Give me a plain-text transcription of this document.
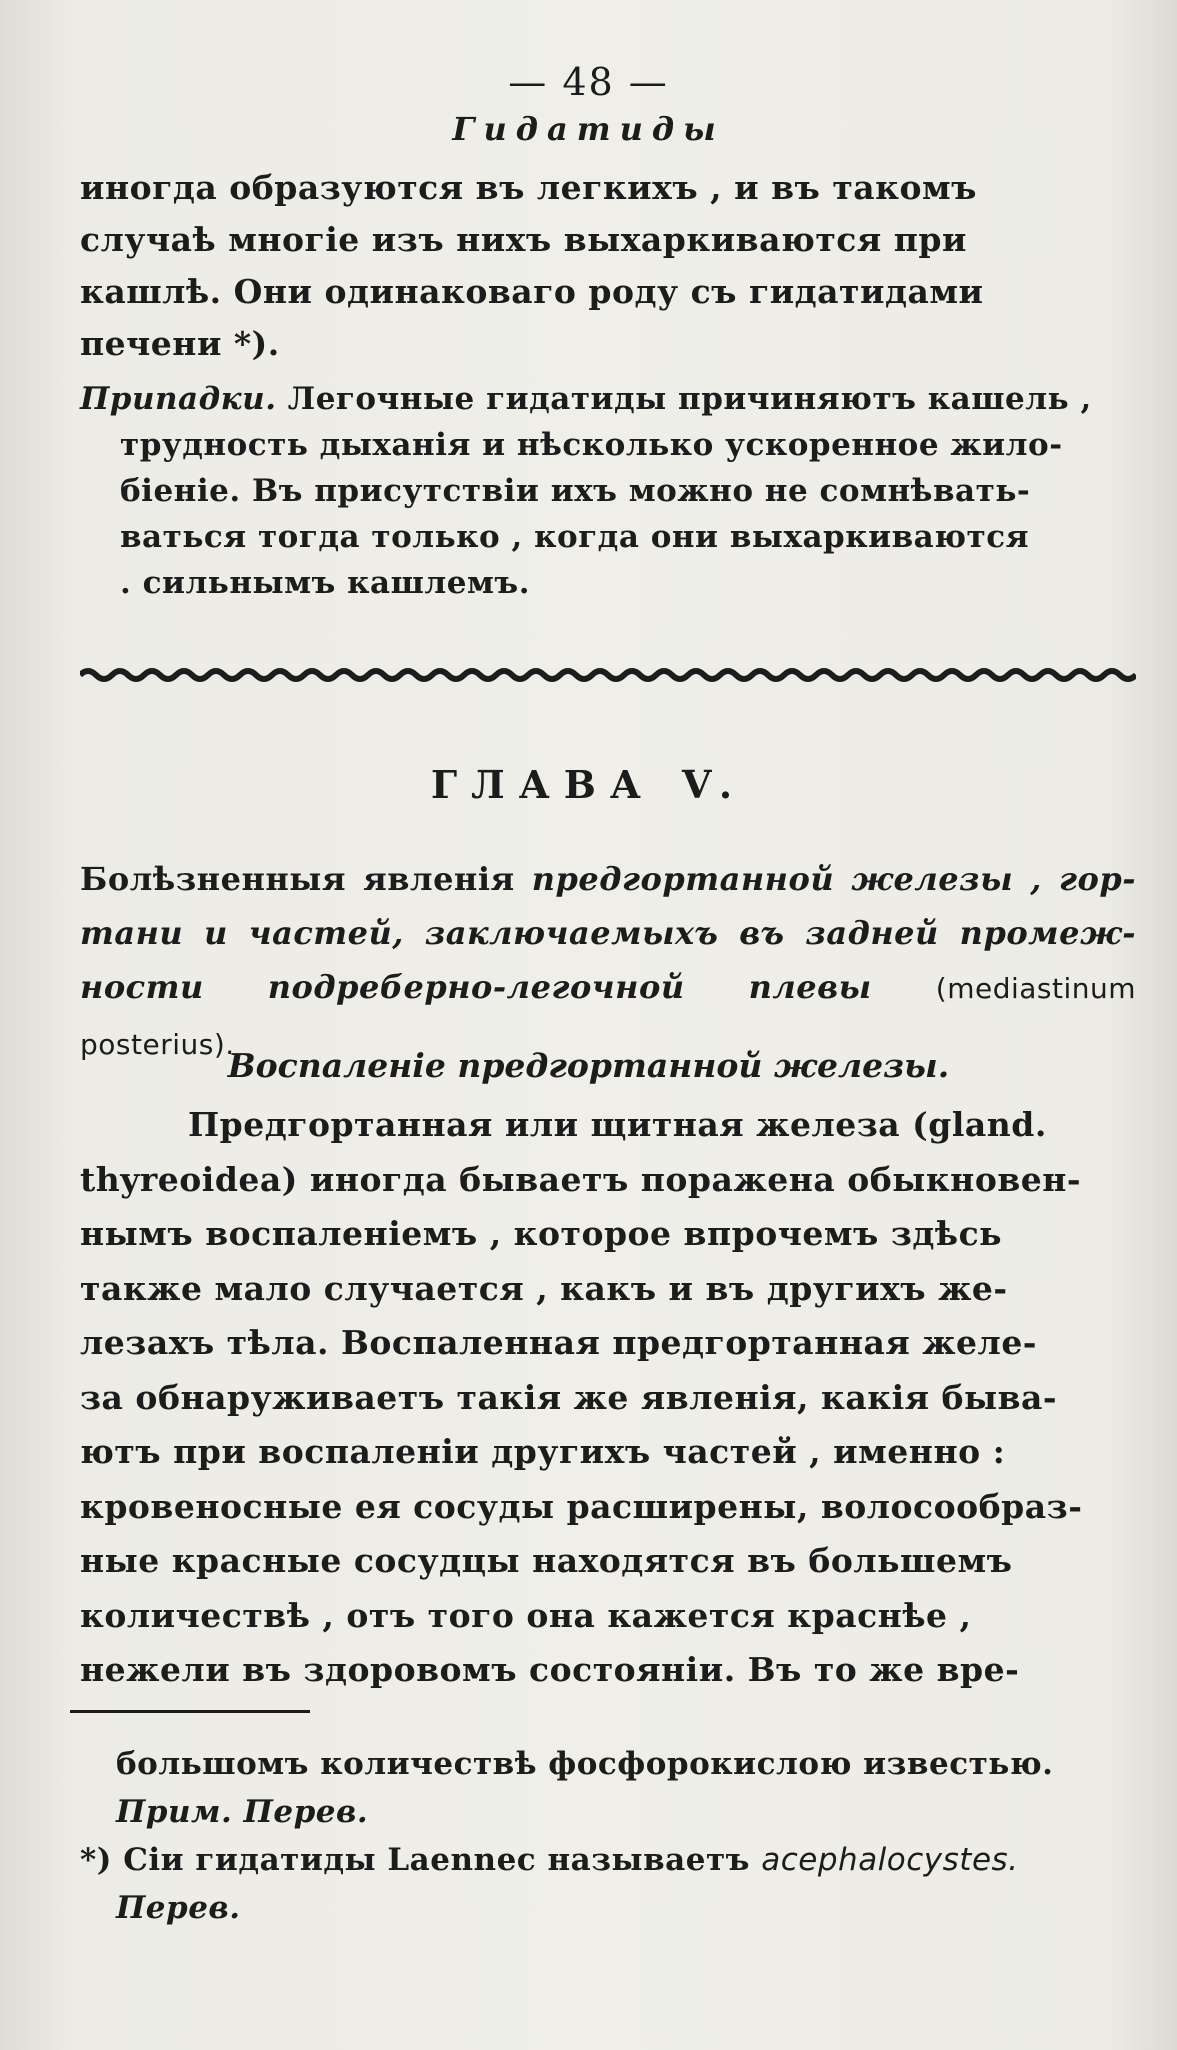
— 48 —
Гидатиды
иногда образуются въ легкихъ , и въ такомъ
случаѣ многіе изъ нихъ выхаркиваются при
кашлѣ. Они одинаковаго роду съ гидатидами
печени *).
Припадки. Легочные гидатиды причиняютъ кашель ,
трудность дыханія и нѣсколько ускоренное жило-
біеніе. Въ присутствіи ихъ можно не сомнѣвать-
ваться тогда только , когда они выхаркиваются
. сильнымъ кашлемъ.
ГЛАВА V.
Болѣзненныя явленія предгортанной железы , гор- тани и частей, заключаемыхъ въ задней промеж- ности подреберно-легочной плевы (mediastinum posterius).
Воспаленіе предгортанной железы.
Предгортанная или щитная железа (gland.
thyreoidea) иногда бываетъ поражена обыкновен-
нымъ воспаленіемъ , которое впрочемъ здѣсь
также мало случается , какъ и въ другихъ же-
лезахъ тѣла. Воспаленная предгортанная желе-
за обнаруживаетъ такія же явленія, какія быва-
ютъ при воспаленіи другихъ частей , именно :
кровеносные ея сосуды расширены, волосообраз-
ные красные сосудцы находятся въ большемъ
количествѣ , отъ того она кажется краснѣе ,
нежели въ здоровомъ состояніи. Въ то же вре-
большомъ количествѣ фосфорокислою известью.
Прим. Перев.
*) Сіи гидатиды Laennec называетъ acephalocystes.
Перев.
